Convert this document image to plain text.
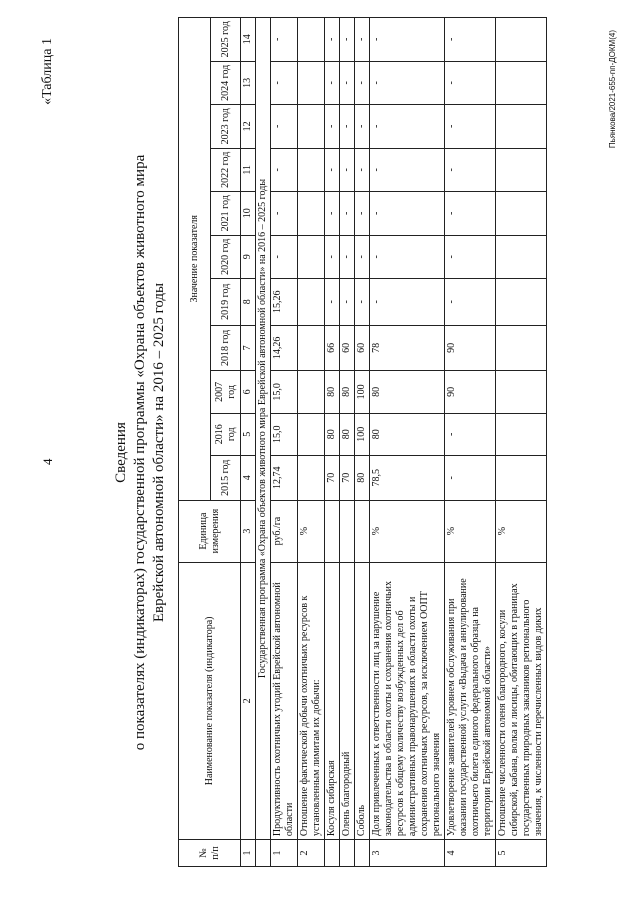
4
«Таблица 1
Сведения о показателях (индикаторах) государственной программы «Охрана объектов животного мира Еврейской автономной области» на 2016 – 2025 годы
№ п/п	Наименование показателя (индикатора)	Единица измерения	Значение показателя										
			2015 год	2016 год	2007 год	2018 год	2019 год	2020 год	2021 год	2022 год	2023 год	2024 год	2025 год
1	2	3	4	5	6	7	8	9	10	11	12	13	14
	Государственная программа «Охрана объектов животного мира Еврейской автономной области» на 2016 – 2025 годы												
1	Продуктивность охотничьих угодий Еврейской автономной области	руб./га	12,74	15,0	15,0	14,26	15,26	-	-	-	-	-	-
2	Отношение фактической добычи охотничьих ресурсов к установленным лимитам их добычи:	%											
	Косуля сибирская		70	80	80	66	-	-	-	-	-	-	-
	Олень благородный		70	80	80	60	-	-	-	-	-	-	-
	Соболь		80	100	100	60	-	-	-	-	-	-	-
3	Доля привлеченных к ответственности лиц за нарушение законодательства в области охоты и сохранения охотничьих ресурсов к общему количеству возбужденных дел об административных правонарушениях в области охоты и сохранения охотничьих ресурсов, за исключением ООПТ регионального значения	%	78,5	80	80	78	-	-	-	-	-	-	-
4	Удовлетворение заявителей уровнем обслуживания при оказании государственной услуги «Выдача и аннулирование охотничьего билета единого федерального образца на территории Еврейской автономной области»	%	-	-	90	90	-	-	-	-	-	-	-
5	Отношение численности оленя благородного, косули сибирской, кабана, волка и лисицы, обитающих в границах государственных природных заказников регионального значения, к численности перечисленных видов диких	%											
Пьянкова/2021-655-пп-ДОКМ(4)
